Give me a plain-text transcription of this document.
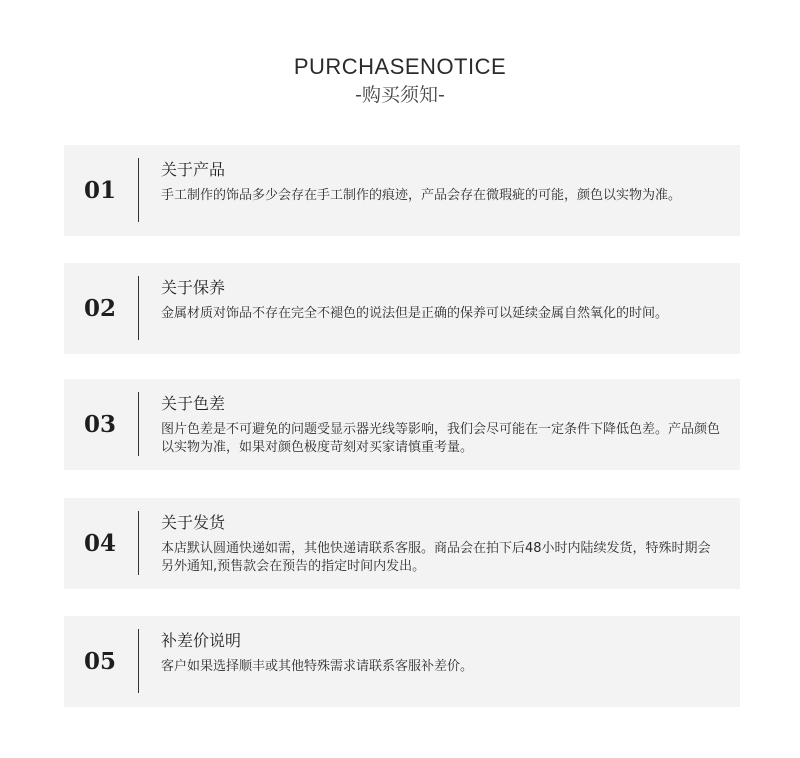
PURCHASENOTICE
-购买须知-
01
关于产品
手工制作的饰品多少会存在手工制作的痕迹，产品会存在微瑕疵的可能，颜色以实物为准。
02
关于保养
金属材质对饰品不存在完全不褪色的说法但是正确的保养可以延续金属自然氧化的时间。
03
关于色差
图片色差是不可避免的问题受显示器光线等影响，我们会尽可能在一定条件下降低色差。产品颜色以实物为准，如果对颜色极度苛刻对买家请慎重考量。
04
关于发货
本店默认圆通快递如需，其他快递请联系客服。商品会在拍下后48小时内陆续发货，特殊时期会另外通知,预售款会在预告的指定时间内发出。
05
补差价说明
客户如果选择顺丰或其他特殊需求请联系客服补差价。
